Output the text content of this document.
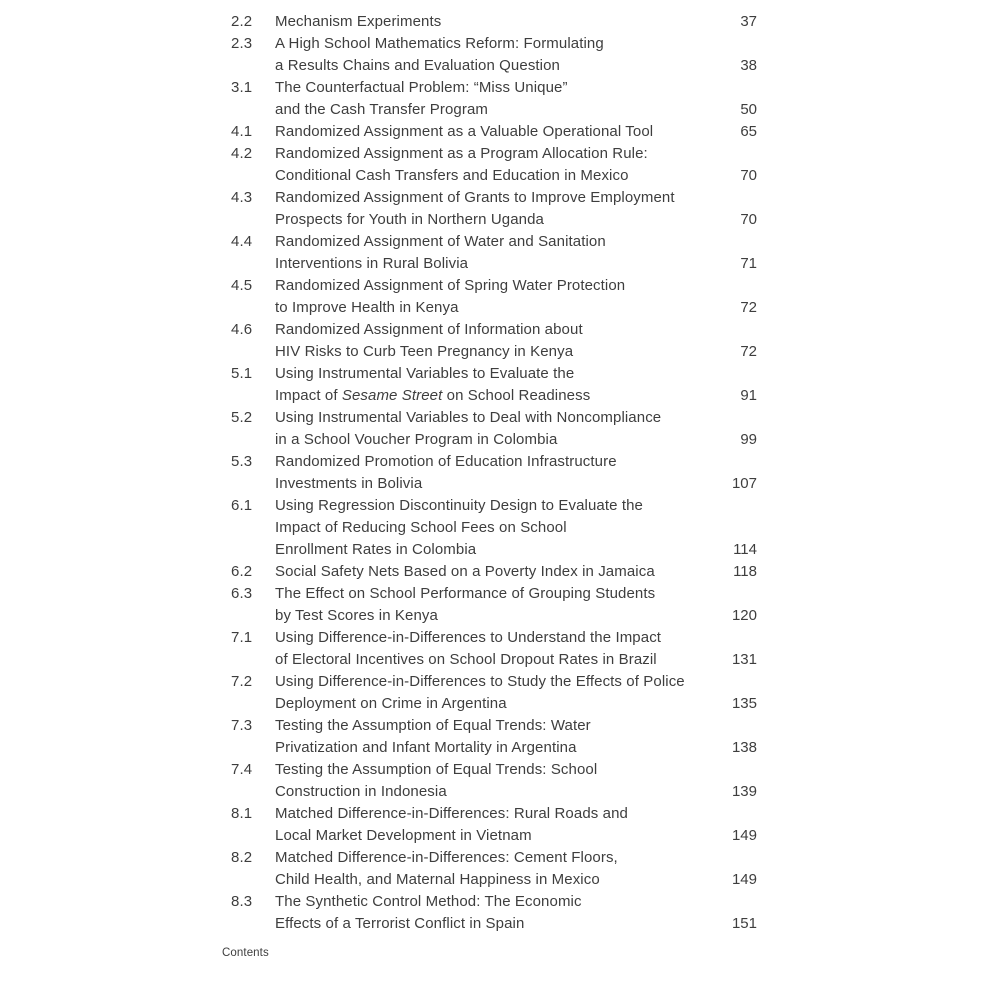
2.2	Mechanism Experiments	37
2.3	A High School Mathematics Reform: Formulating
a Results Chains and Evaluation Question	38
3.1	The Counterfactual Problem: “Miss Unique”
and the Cash Transfer Program	50
4.1	Randomized Assignment as a Valuable Operational Tool	65
4.2	Randomized Assignment as a Program Allocation Rule:
Conditional Cash Transfers and Education in Mexico	70
4.3	Randomized Assignment of Grants to Improve Employment
Prospects for Youth in Northern Uganda	70
4.4	Randomized Assignment of Water and Sanitation
Interventions in Rural Bolivia	71
4.5	Randomized Assignment of Spring Water Protection
to Improve Health in Kenya	72
4.6	Randomized Assignment of Information about
HIV Risks to Curb Teen Pregnancy in Kenya	72
5.1	Using Instrumental Variables to Evaluate the
Impact of Sesame Street on School Readiness	91
5.2	Using Instrumental Variables to Deal with Noncompliance
in a School Voucher Program in Colombia	99
5.3	Randomized Promotion of Education Infrastructure
Investments in Bolivia	107
6.1	Using Regression Discontinuity Design to Evaluate the
Impact of Reducing School Fees on School
Enrollment Rates in Colombia	114
6.2	Social Safety Nets Based on a Poverty Index in Jamaica	118
6.3	The Effect on School Performance of Grouping Students
by Test Scores in Kenya	120
7.1	Using Difference-in-Differences to Understand the Impact
of Electoral Incentives on School Dropout Rates in Brazil	131
7.2	Using Difference-in-Differences to Study the Effects of Police
Deployment on Crime in Argentina	135
7.3	Testing the Assumption of Equal Trends: Water
Privatization and Infant Mortality in Argentina	138
7.4	Testing the Assumption of Equal Trends: School
Construction in Indonesia	139
8.1	Matched Difference-in-Differences: Rural Roads and
Local Market Development in Vietnam	149
8.2	Matched Difference-in-Differences: Cement Floors,
Child Health, and Maternal Happiness in Mexico	149
8.3	The Synthetic Control Method: The Economic
Effects of a Terrorist Conflict in Spain	151
Contents
